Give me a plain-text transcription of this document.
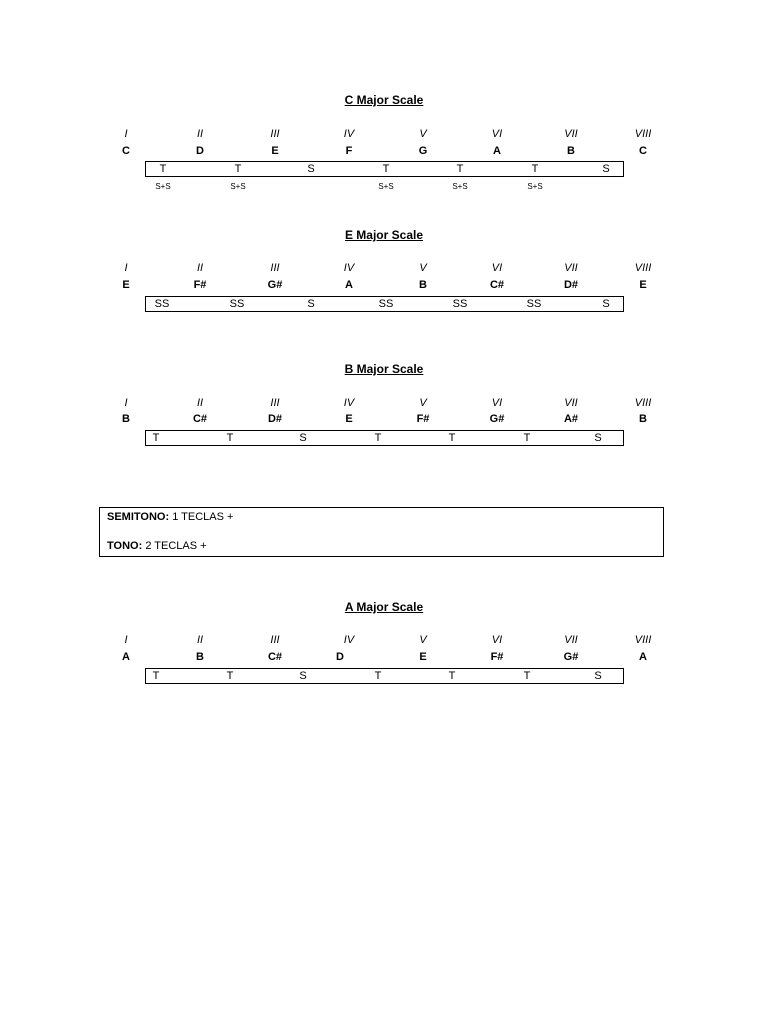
C Major Scale
I	II	III	IV	V	VI	VII	VIII
C	D	E	F	G	A	B	C
T	T	S	T	T	T	S
S+S	S+S	S+S	S+S	S+S
E Major Scale
I	II	III	IV	V	VI	VII	VIII
E	F#	G#	A	B	C#	D#	E
SS	SS	S	SS	SS	SS	S
B Major Scale
I	II	III	IV	V	VI	VII	VIII
B	C#	D#	E	F#	G#	A#	B
T	T	S	T	T	T	S
SEMITONO: 1 TECLAS +
TONO: 2 TECLAS +
A Major Scale
I	II	III	IV	V	VI	VII	VIII
A	B	C#	D	E	F#	G#	A
T	T	S	T	T	T	S
